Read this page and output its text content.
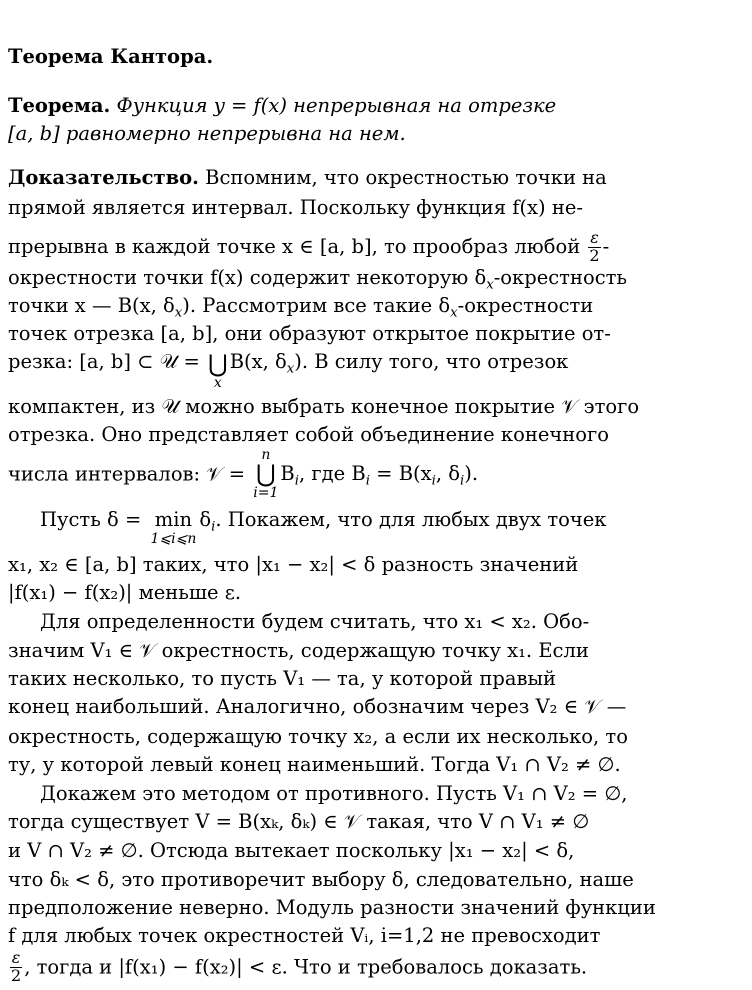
Теорема Кантора.
Теорема. Функция y = f(x) непрерывная на отрезке
[a, b] равномерно непрерывна на нем.
Доказательство. Вспомним, что окрестностью точки на
прямой является интервал. Поскольку функция f(x) не-
прерывна в каждой точке x ∈ [a, b], то прообраз любой $\frac{\varepsilon}{2}$ -
окрестности точки f(x) содержит некоторую $\delta_x$-окрестность
точки x — B(x, $\delta_x$). Рассмотрим все такие $\delta_x$-окрестности
точек отрезка [a, b], они образуют открытое покрытие от-
резка: [a, b] ⊂ 𝒰 = ⋃
x
B(x, $\delta_x$). В силу того, что отрезок
компактен, из 𝒰 можно выбрать конечное покрытие 𝒱 этого
отрезка. Оно представляет собой объединение конечного
числа интервалов: 𝒱 =
n
⋃
i=1
$B_i$, где $B_i = B(x_i$, $\delta_i$).
Пусть δ = min
1⩽i⩽n
$\delta_i$. Покажем, что для любых двух точек
x₁, x₂ ∈ [a, b] таких, что |x₁ − x₂| < δ разность значений
|f(x₁) − f(x₂)| меньше ε.
Для определенности будем считать, что x₁ < x₂. Обо-
значим V₁ ∈ 𝒱 окрестность, содержащую точку x₁. Если
таких несколько, то пусть V₁ — та, у которой правый
конец наибольший. Аналогично, обозначим через V₂ ∈ 𝒱 —
окрестность, содержащую точку x₂, а если их несколько, то
ту, у которой левый конец наименьший. Тогда V₁ ∩ V₂ ≠ ∅.
Докажем это методом от противного. Пусть V₁ ∩ V₂ = ∅,
тогда существует V = B(xₖ, δₖ) ∈ 𝒱 такая, что V ∩ V₁ ≠ ∅
и V ∩ V₂ ≠ ∅. Отсюда вытекает поскольку |x₁ − x₂| < δ,
что δₖ < δ, это противоречит выбору δ, следовательно, наше
предположение неверно. Модуль разности значений функции
f для любых точек окрестностей Vᵢ, i=1,2 не превосходит
$\frac{\varepsilon}{2}$ , тогда и |f(x₁) − f(x₂)| < ε. Что и требовалось доказать.
